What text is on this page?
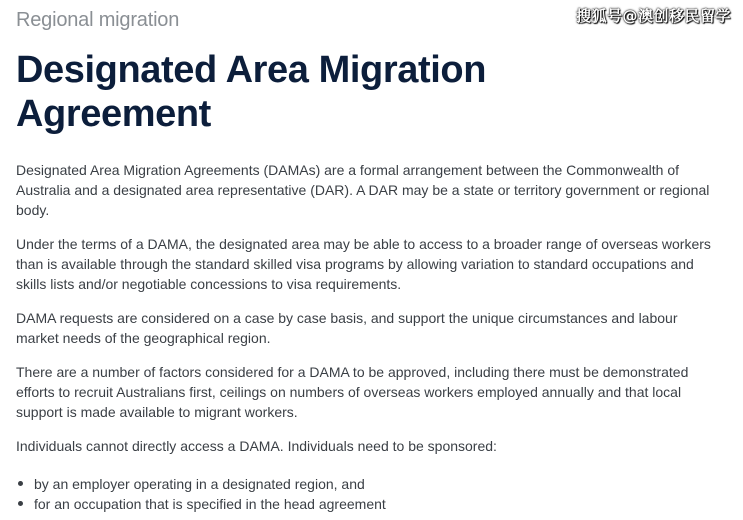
Regional migration
Designated Area Migration Agreement

Designated Area Migration Agreements (DAMAs) are a formal arrangement between the Commonwealth of Australia and a designated area representative (DAR). A DAR may be a state or territory government or regional body.

Under the terms of a DAMA, the designated area may be able to access to a broader range of overseas workers than is available through the standard skilled visa programs by allowing variation to standard occupations and skills lists and/or negotiable concessions to visa requirements.

DAMA requests are considered on a case by case basis, and support the unique circumstances and labour market needs of the geographical region.

There are a number of factors considered for a DAMA to be approved, including there must be demonstrated efforts to recruit Australians first, ceilings on numbers of overseas workers employed annually and that local support is made available to migrant workers.

Individuals cannot directly access a DAMA. Individuals need to be sponsored:

by an employer operating in a designated region, and
for an occupation that is specified in the head agreement
搜狐号@澳创移民留学
